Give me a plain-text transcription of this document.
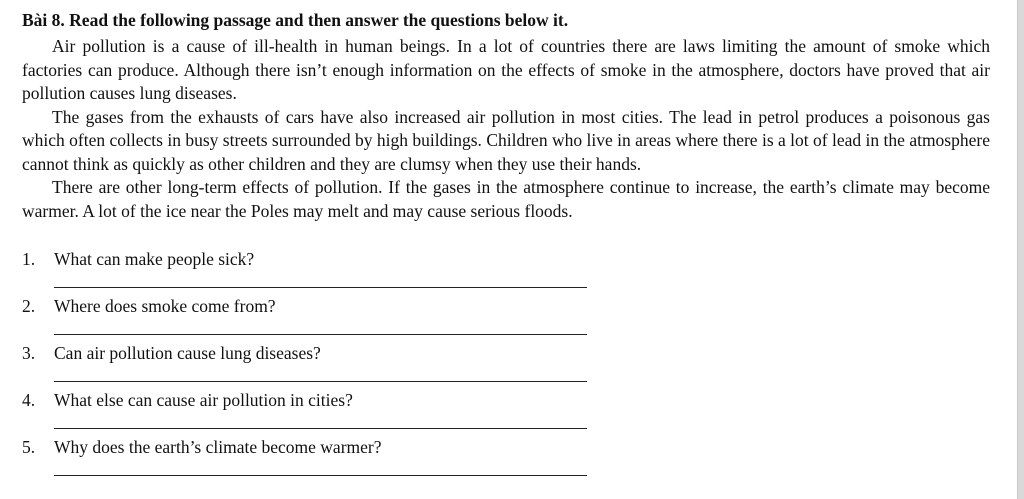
Bài 8. Read the following passage and then answer the questions below it.

Air pollution is a cause of ill-health in human beings. In a lot of countries there are laws limiting the amount of smoke which factories can produce. Although there isn’t enough information on the effects of smoke in the atmosphere, doctors have proved that air pollution causes lung diseases.

The gases from the exhausts of cars have also increased air pollution in most cities. The lead in petrol produces a poisonous gas which often collects in busy streets surrounded by high buildings. Children who live in areas where there is a lot of lead in the atmosphere cannot think as quickly as other children and they are clumsy when they use their hands.

There are other long-term effects of pollution. If the gases in the atmosphere continue to increase, the earth’s climate may become warmer. A lot of the ice near the Poles may melt and may cause serious floods.

1.	What can make people sick?
2.	Where does smoke come from?
3.	Can air pollution cause lung diseases?
4.	What else can cause air pollution in cities?
5.	Why does the earth’s climate become warmer?
